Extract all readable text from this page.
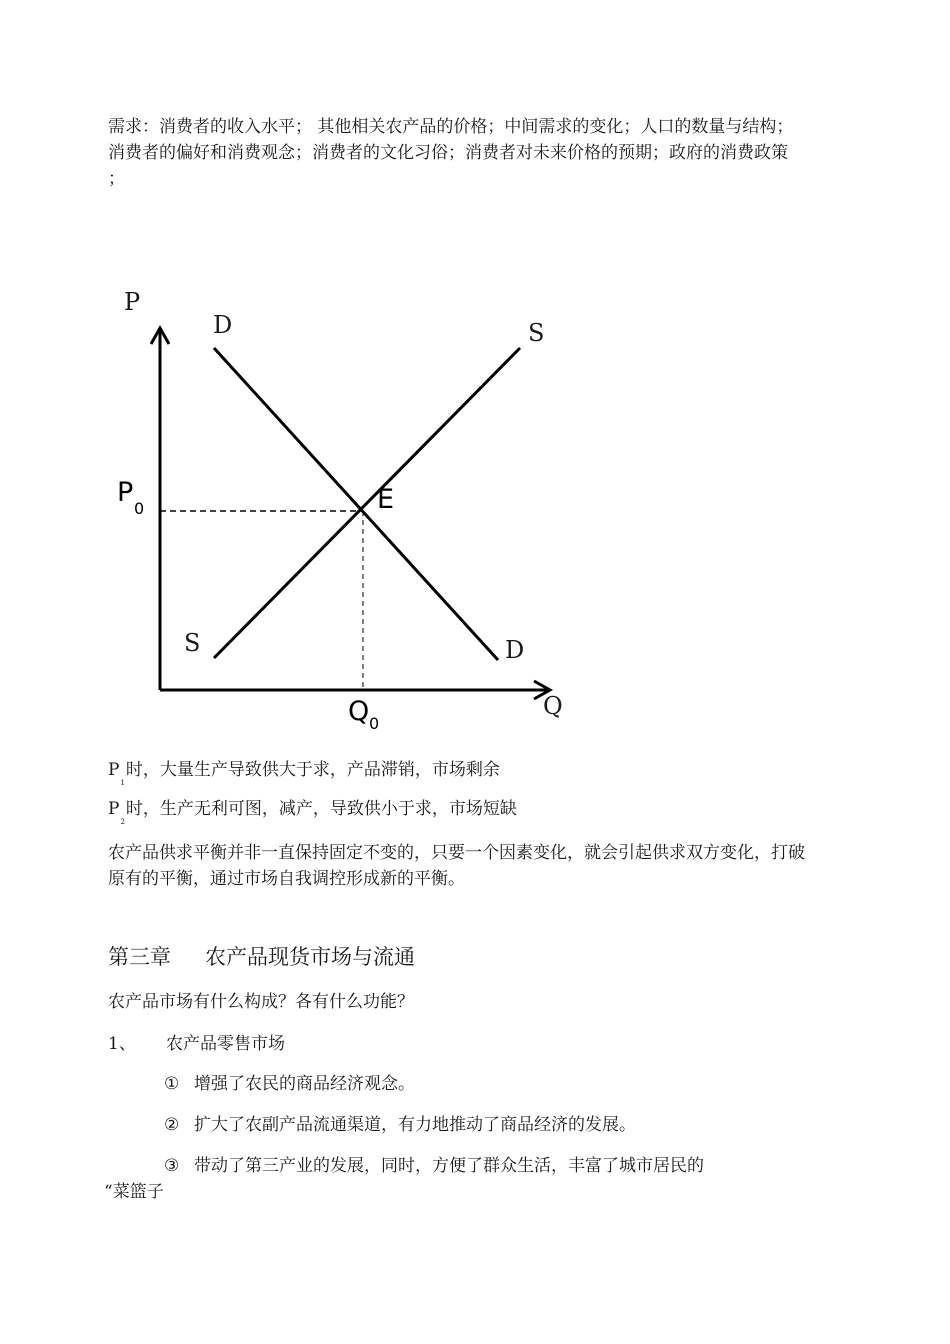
需求：消费者的收入水平； 其他相关农产品的价格；中间需求的变化；人口的数量与结构；消费者的偏好和消费观念；消费者的文化习俗；消费者对未来价格的预期；政府的消费政策 ；

P
Q
D
D
S
S
E
P
0
Q 0
$P_1$时，大量生产导致供大于求，产品滞销，市场剩余
$P_2$时，生产无利可图，减产，导致供小于求，市场短缺

农产品供求平衡并非一直保持固定不变的，只要一个因素变化，就会引起供求双方变化，打破原有的平衡，通过市场自我调控形成新的平衡。

第三章 农产品现货市场与流通
农产品市场有什么构成？各有什么功能？
1、 农产品零售市场
① 增强了农民的商品经济观念。
② 扩大了农副产品流通渠道，有力地推动了商品经济的发展。
③ 带动了第三产业的发展，同时，方便了群众生活，丰富了城市居民的
“菜篮子
